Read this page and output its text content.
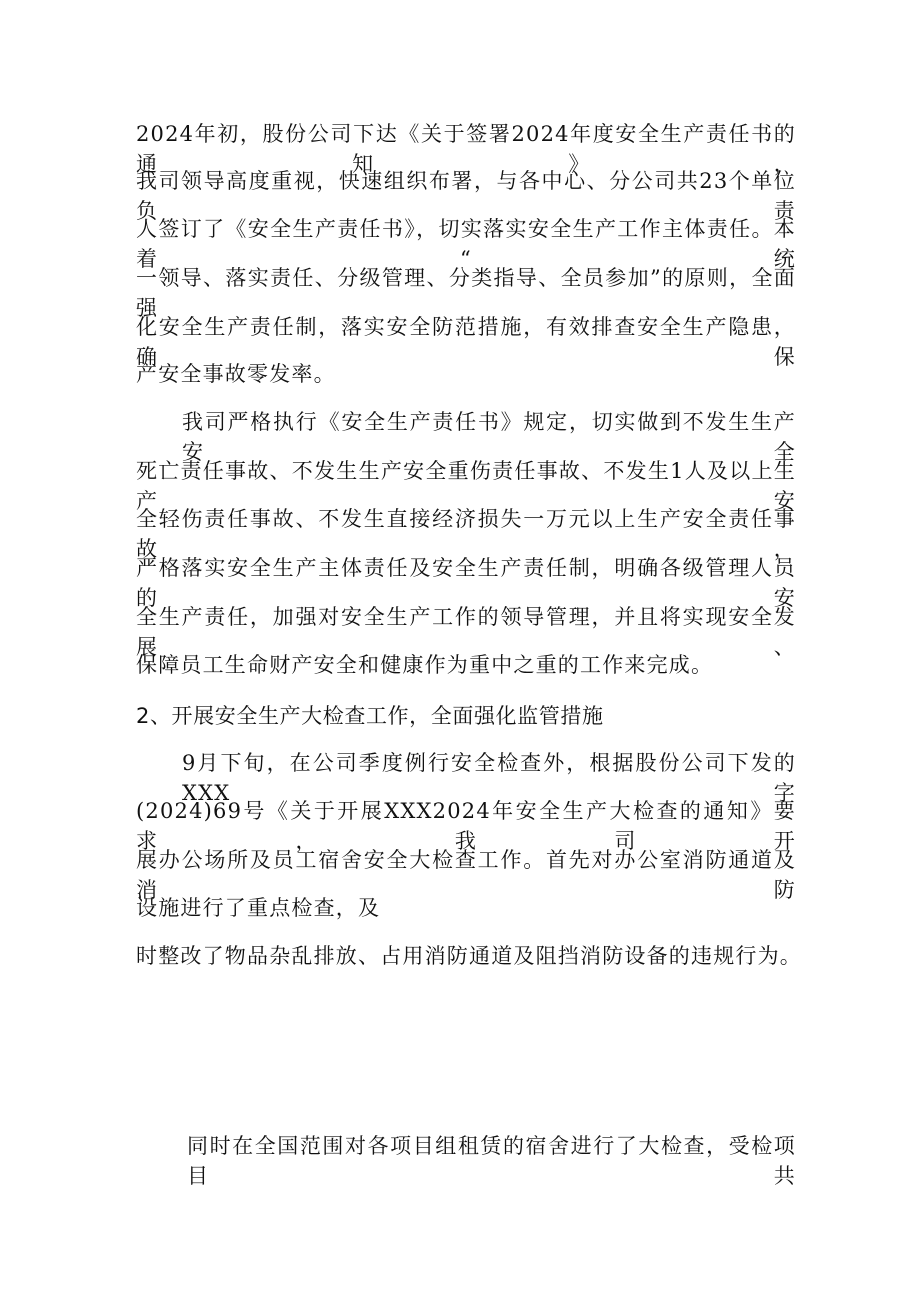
2024年初，股份公司下达《关于签署2024年度安全生产责任书的通知》，
我司领导高度重视，快速组织布署，与各中心、分公司共23个单位负责
人签订了《安全生产责任书》，切实落实安全生产工作主体责任。本着“统
一领导、落实责任、分级管理、分类指导、全员参加”的原则，全面强
化安全生产责任制，落实安全防范措施，有效排查安全生产隐患，确保
产安全事故零发率。
我司严格执行《安全生产责任书》规定，切实做到不发生生产安全
死亡责任事故、不发生生产安全重伤责任事故、不发生1人及以上生产安
全轻伤责任事故、不发生直接经济损失一万元以上生产安全责任事故，
严格落实安全生产主体责任及安全生产责任制，明确各级管理人员的安
全生产责任，加强对安全生产工作的领导管理，并且将实现安全发展、
保障员工生命财产安全和健康作为重中之重的工作来完成。
2、开展安全生产大检查工作，全面强化监管措施
9月下旬，在公司季度例行安全检查外，根据股份公司下发的XXX字
(2024)69号《关于开展XXX2024年安全生产大检查的通知》要求，我司开
展办公场所及员工宿舍安全大检查工作。首先对办公室消防通道及消防
设施进行了重点检查，及
时整改了物品杂乱排放、占用消防通道及阻挡消防设备的违规行为。
同时在全国范围对各项目组租赁的宿舍进行了大检查，受检项目共
